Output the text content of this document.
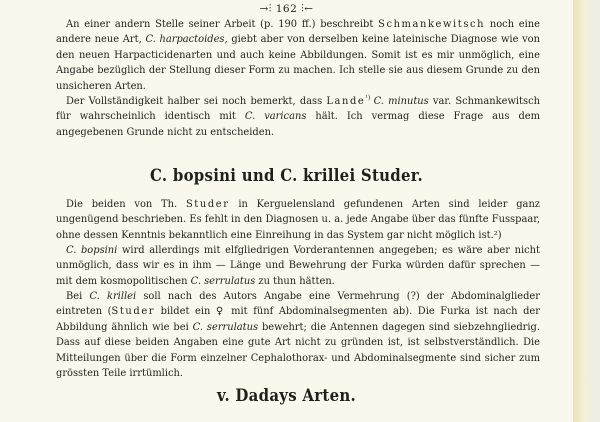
→⫶ 162 ⫶←

An einer andern Stelle seiner Arbeit (p. 190 ff.) beschreibt Schmankewitsch noch eine andere neue Art, C. harpactoides, giebt aber von derselben keine lateinische Diagnose wie von den neuen Harpacticidenarten und auch keine Abbildungen. Somit ist es mir unmöglich, eine Angabe bezüglich der Stellung dieser Form zu machen. Ich stelle sie aus diesem Grunde zu den unsicheren Arten.

Der Vollständigkeit halber sei noch bemerkt, dass Lande$^{^1)}$ C. minutus var. Schmankewitsch für wahrscheinlich identisch mit C. varicans hält. Ich vermag diese Frage aus dem angegebenen Grunde nicht zu entscheiden.

C. bopsini und C. krillei Studer.

Die beiden von Th. Studer in Kerguelensland gefundenen Arten sind leider ganz ungenügend beschrieben. Es fehlt in den Diagnosen u. a. jede Angabe über das fünfte Fusspaar, ohne dessen Kenntnis bekanntlich eine Einreihung in das System gar nicht möglich ist.²)

C. bopsini wird allerdings mit elfgliedrigen Vorderantennen angegeben; es wäre aber nicht unmöglich, dass wir es in ihm — Länge und Bewehrung der Furka würden dafür sprechen — mit dem kosmopolitischen C. serrulatus zu thun hätten.

Bei C. krillei soll nach des Autors Angabe eine Vermehrung (?) der Abdominalglieder eintreten (Studer bildet ein ♀ mit fünf Abdominalsegmenten ab). Die Furka ist nach der Abbildung ähnlich wie bei C. serrulatus bewehrt; die Antennen dagegen sind siebzehngliedrig. Dass auf diese beiden Angaben eine gute Art nicht zu gründen ist, ist selbstverständlich. Die Mitteilungen über die Form einzelner Cephalothorax- und Abdominalsegmente sind sicher zum grössten Teile irrtümlich.

v. Dadays Arten.
